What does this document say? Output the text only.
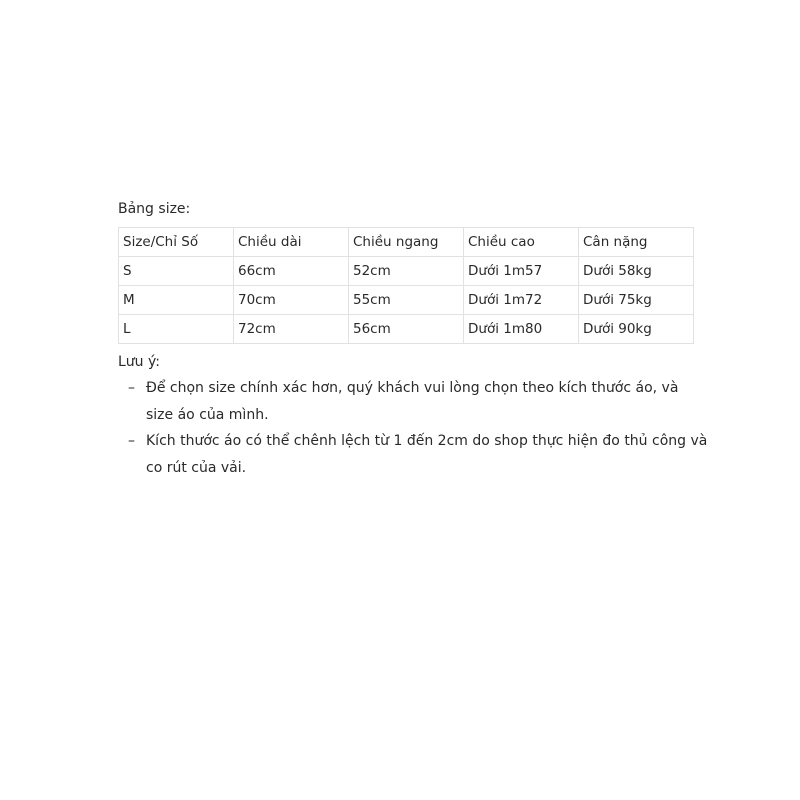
Bảng size:
Size/Chỉ Số	Chiều dài	Chiều ngang	Chiều cao	Cân nặng
S	66cm	52cm	Dưới 1m57	Dưới 58kg
M	70cm	55cm	Dưới 1m72	Dưới 75kg
L	72cm	56cm	Dưới 1m80	Dưới 90kg
Lưu ý:
– Để chọn size chính xác hơn, quý khách vui lòng chọn theo kích thước áo, và size áo của mình.
– Kích thước áo có thể chênh lệch từ 1 đến 2cm do shop thực hiện đo thủ công và co rút của vải.
